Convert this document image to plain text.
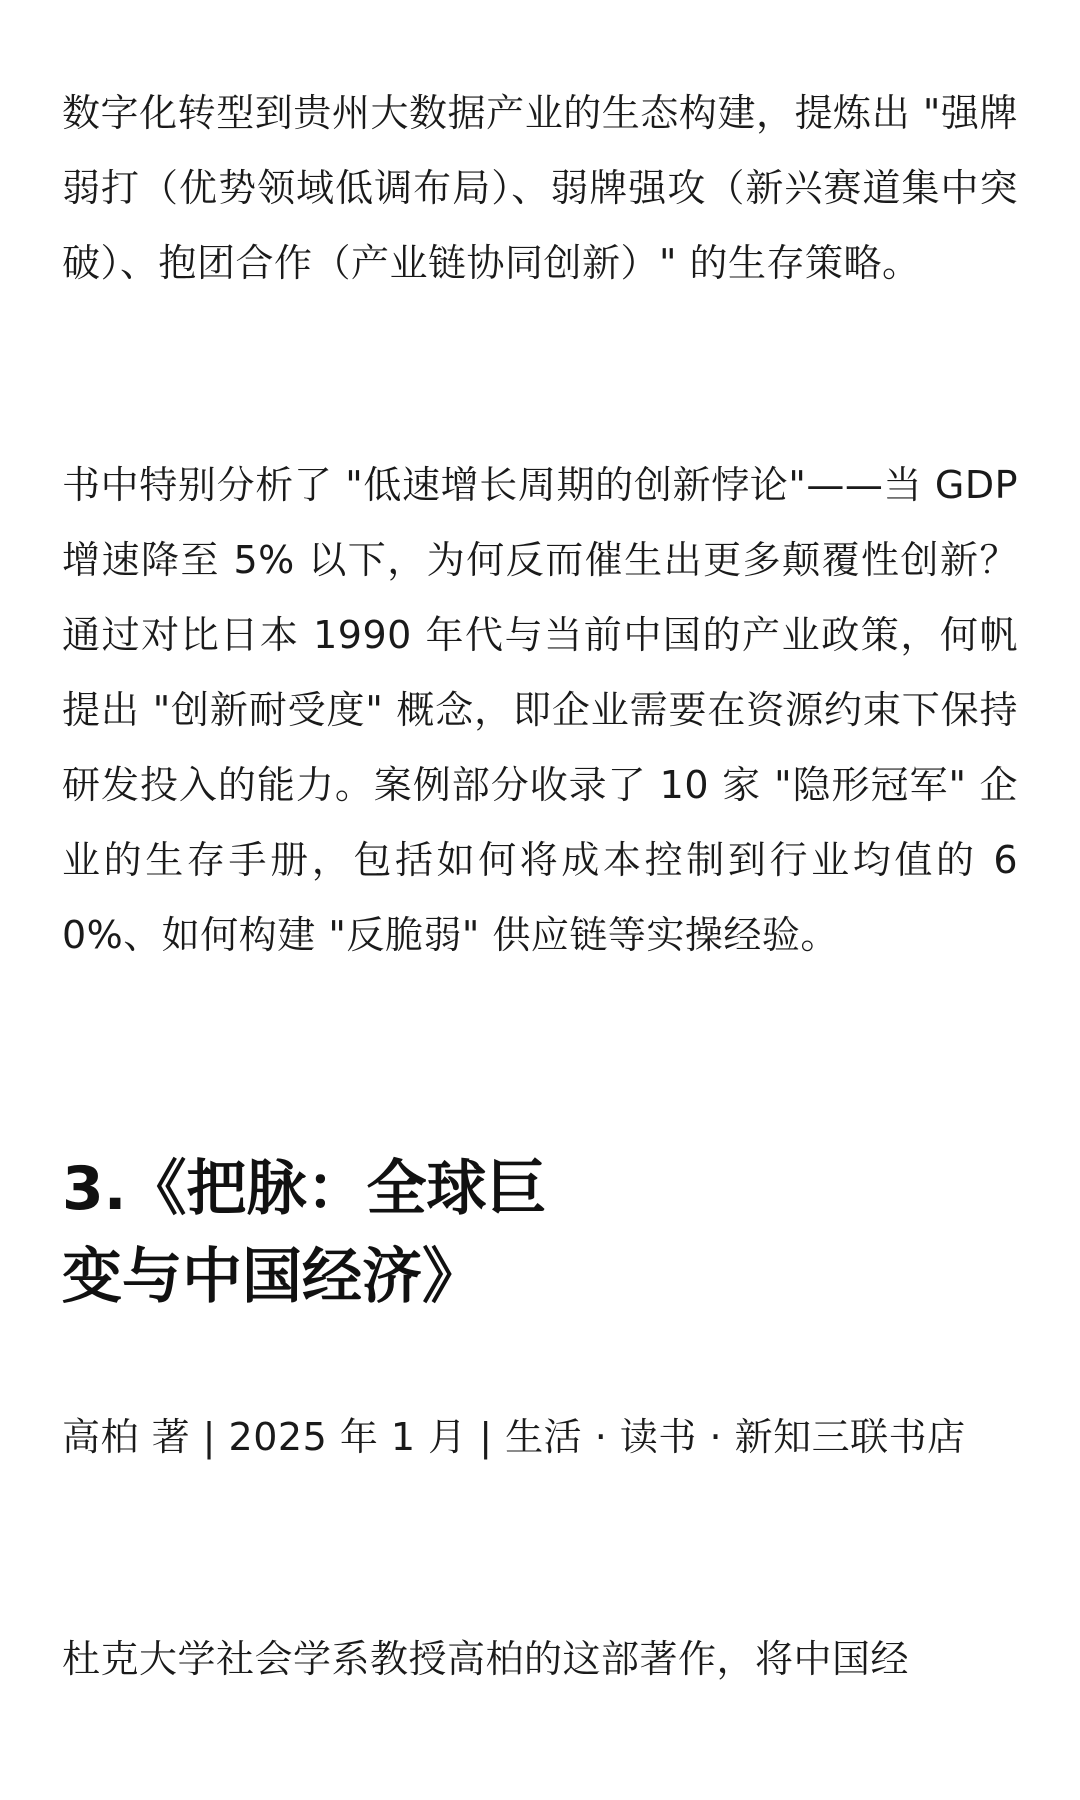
数字化转型到贵州大数据产业的生态构建，提炼出 "强牌弱打（优势领域低调布局）、弱牌强攻（新兴赛道集中突破）、抱团合作（产业链协同创新）" 的生存策略。

书中特别分析了 "低速增长周期的创新悖论"——当 GDP 增速降至 5% 以下，为何反而催生出更多颠覆性创新？通过对比日本 1990 年代与当前中国的产业政策，何帆提出 "创新耐受度" 概念，即企业需要在资源约束下保持研发投入的能力。案例部分收录了 10 家 "隐形冠军" 企业的生存手册，包括如何将成本控制到行业均值的 60%、如何构建 "反脆弱" 供应链等实操经验。

3.《把脉：全球巨变与中国经济》

高柏 著 | 2025 年 1 月 | 生活 · 读书 · 新知三联书店

杜克大学社会学系教授高柏的这部著作，将中国经
